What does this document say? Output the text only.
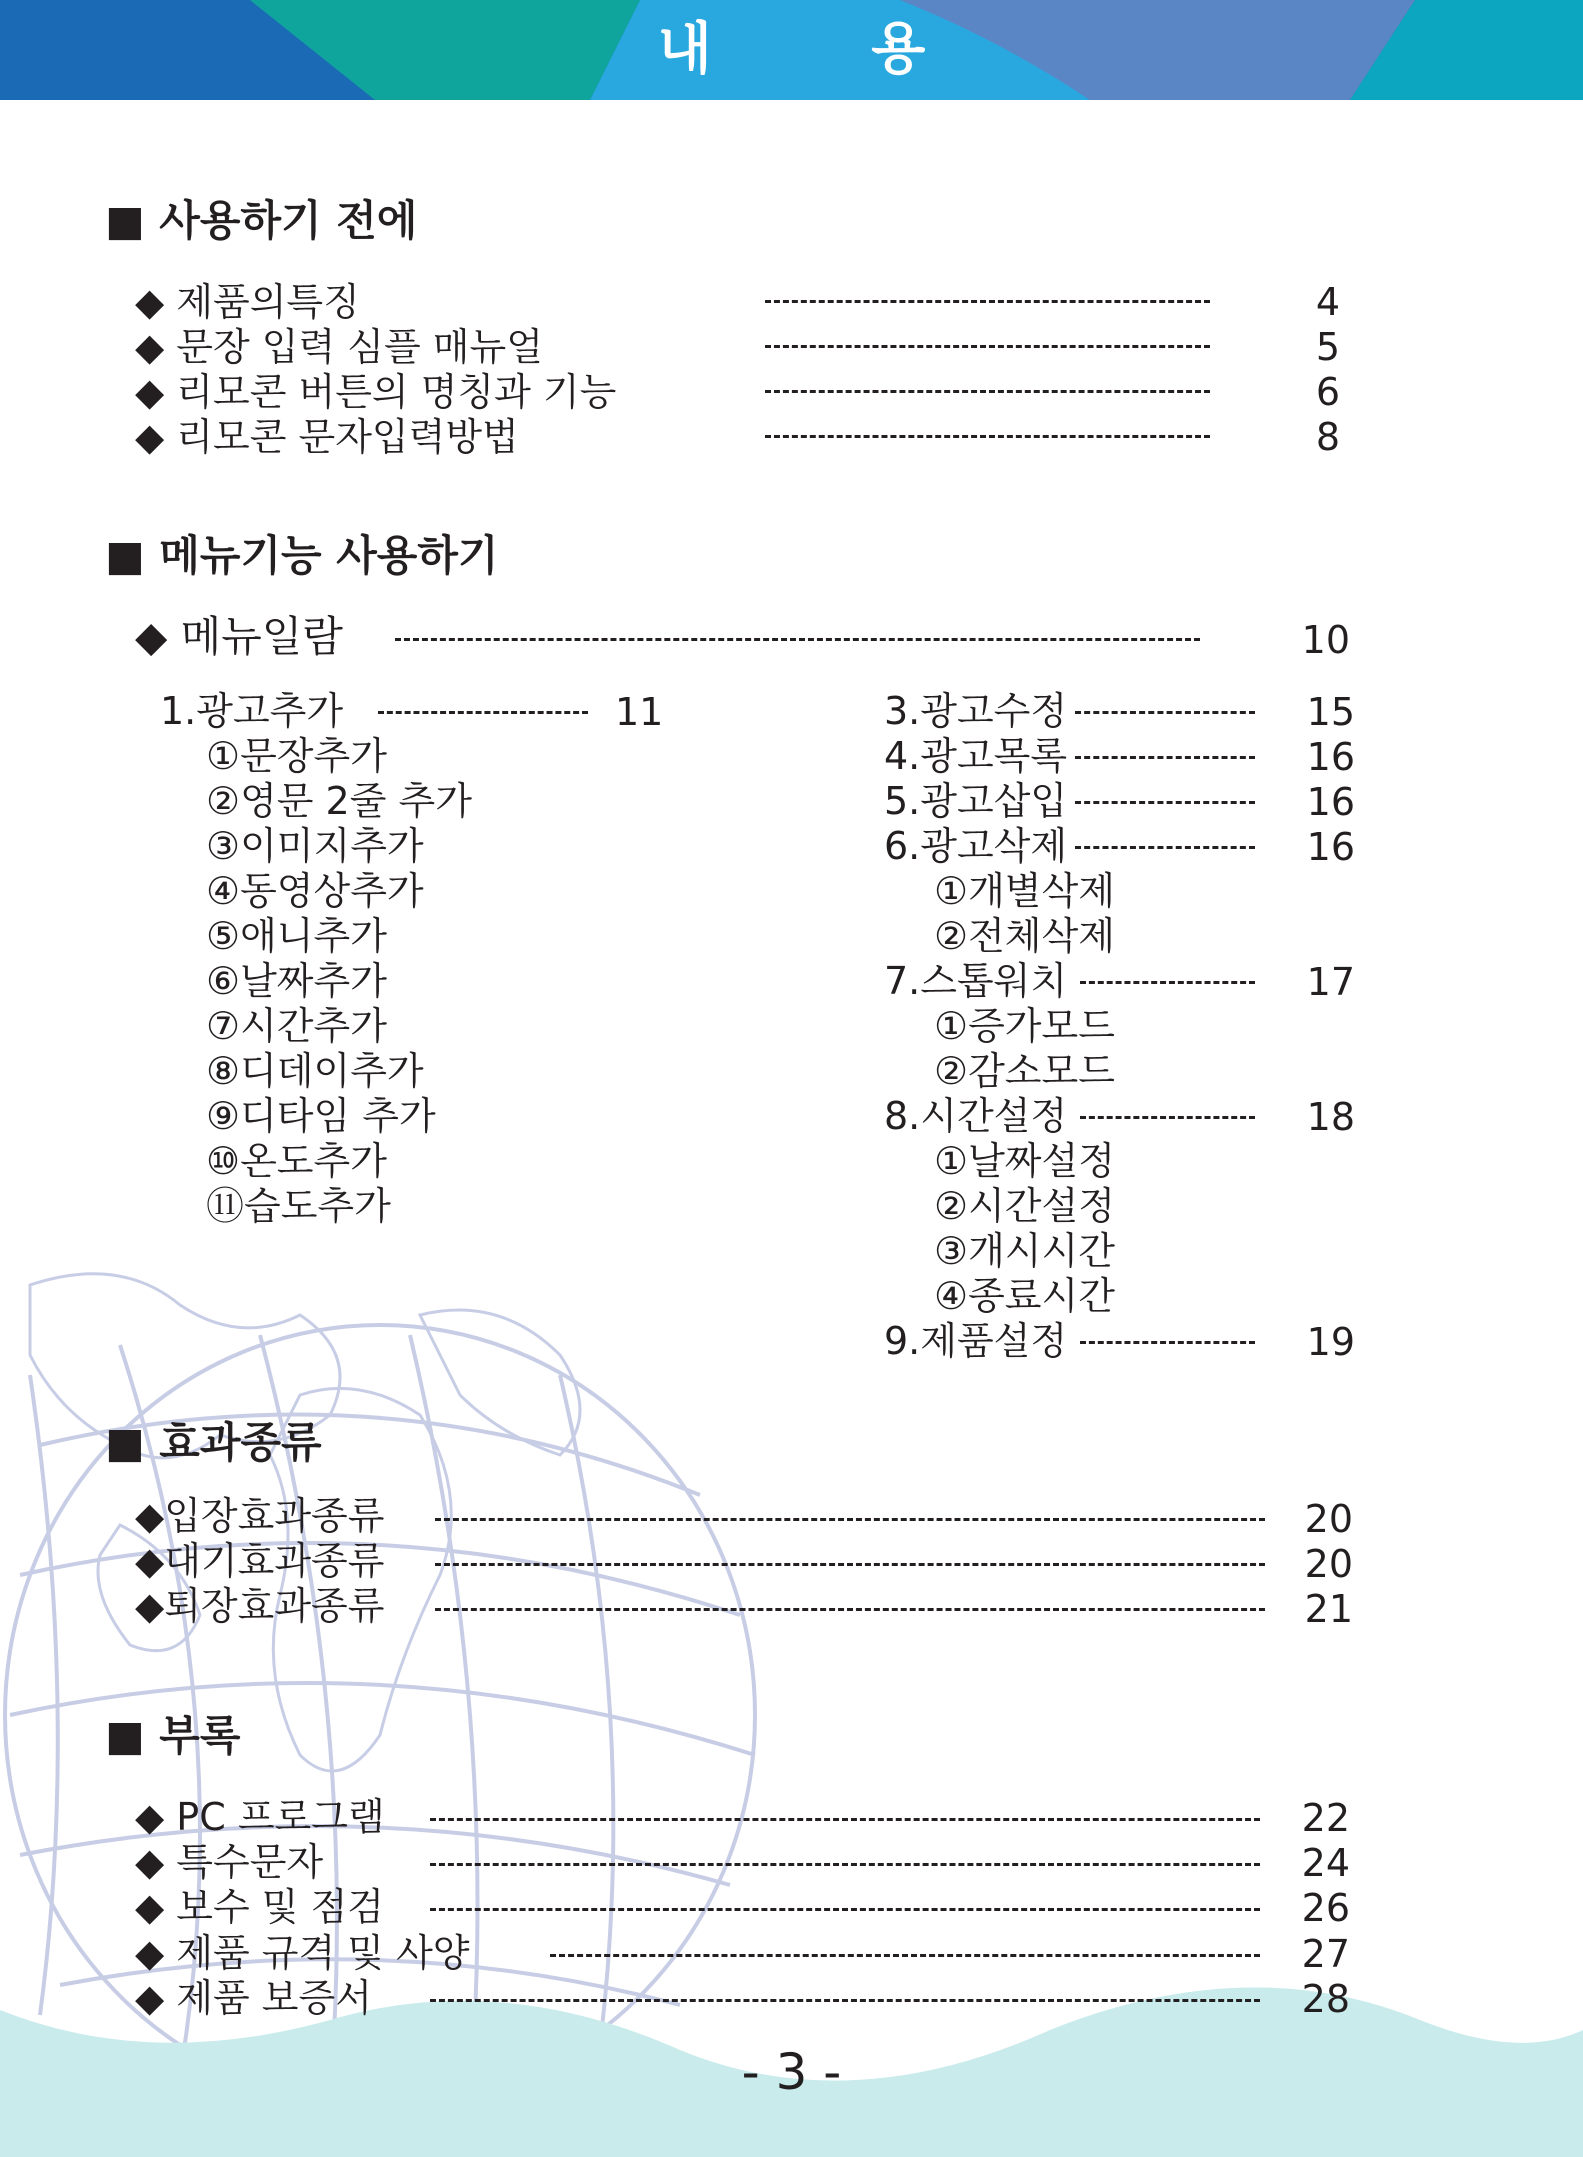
내 용
■ 사용하기 전에
◆ 제품의특징	4
◆ 문장 입력 심플 매뉴얼	5
◆ 리모콘 버튼의 명칭과 기능	6
◆ 리모콘 문자입력방법	8
■ 메뉴기능 사용하기
◆ 메뉴일람	10
1.광고추가	11
①문장추가
②영문 2줄 추가
③이미지추가
④동영상추가
⑤애니추가
⑥날짜추가
⑦시간추가
⑧디데이추가
⑨디타임 추가
⑩온도추가
⑪습도추가
3.광고수정	15
4.광고목록	16
5.광고삽입	16
6.광고삭제	16
①개별삭제
②전체삭제
7.스톱워치	17
①증가모드
②감소모드
8.시간설정	18
①날짜설정
②시간설정
③개시시간
④종료시간
9.제품설정	19
■ 효과종류
◆입장효과종류	20
◆대기효과종류	20
◆퇴장효과종류	21
■ 부록
◆ PC 프로그램	22
◆ 특수문자	24
◆ 보수 및 점검	26
◆ 제품 규격 및 사양	27
◆ 제품 보증서	28
- 3 -
